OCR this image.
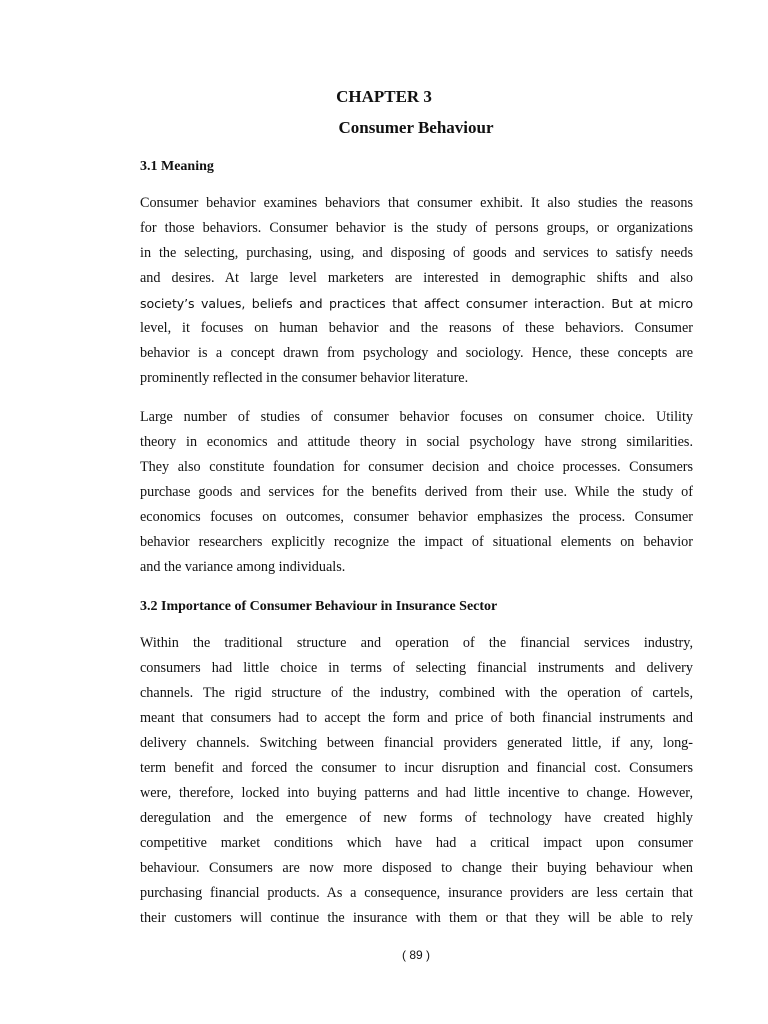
CHAPTER 3
Consumer Behaviour
3.1 Meaning
Consumer behavior examines behaviors that consumer exhibit. It also studies the reasons
for those behaviors. Consumer behavior is the study of persons groups, or organizations
in the selecting, purchasing, using, and disposing of goods and services to satisfy needs
and desires. At large level marketers are interested in demographic shifts and also
society’s values, beliefs and practices that affect consumer interaction. But at micro
level, it focuses on human behavior and the reasons of these behaviors. Consumer
behavior is a concept drawn from psychology and sociology. Hence, these concepts are
prominently reflected in the consumer behavior literature.
Large number of studies of consumer behavior focuses on consumer choice. Utility
theory in economics and attitude theory in social psychology have strong similarities.
They also constitute foundation for consumer decision and choice processes. Consumers
purchase goods and services for the benefits derived from their use. While the study of
economics focuses on outcomes, consumer behavior emphasizes the process. Consumer
behavior researchers explicitly recognize the impact of situational elements on behavior
and the variance among individuals.
3.2 Importance of Consumer Behaviour in Insurance Sector
Within the traditional structure and operation of the financial services industry,
consumers had little choice in terms of selecting financial instruments and delivery
channels. The rigid structure of the industry, combined with the operation of cartels,
meant that consumers had to accept the form and price of both financial instruments and
delivery channels. Switching between financial providers generated little, if any, long-
term benefit and forced the consumer to incur disruption and financial cost. Consumers
were, therefore, locked into buying patterns and had little incentive to change. However,
deregulation and the emergence of new forms of technology have created highly
competitive market conditions which have had a critical impact upon consumer
behaviour. Consumers are now more disposed to change their buying behaviour when
purchasing financial products. As a consequence, insurance providers are less certain that
their customers will continue the insurance with them or that they will be able to rely
( 89 )
